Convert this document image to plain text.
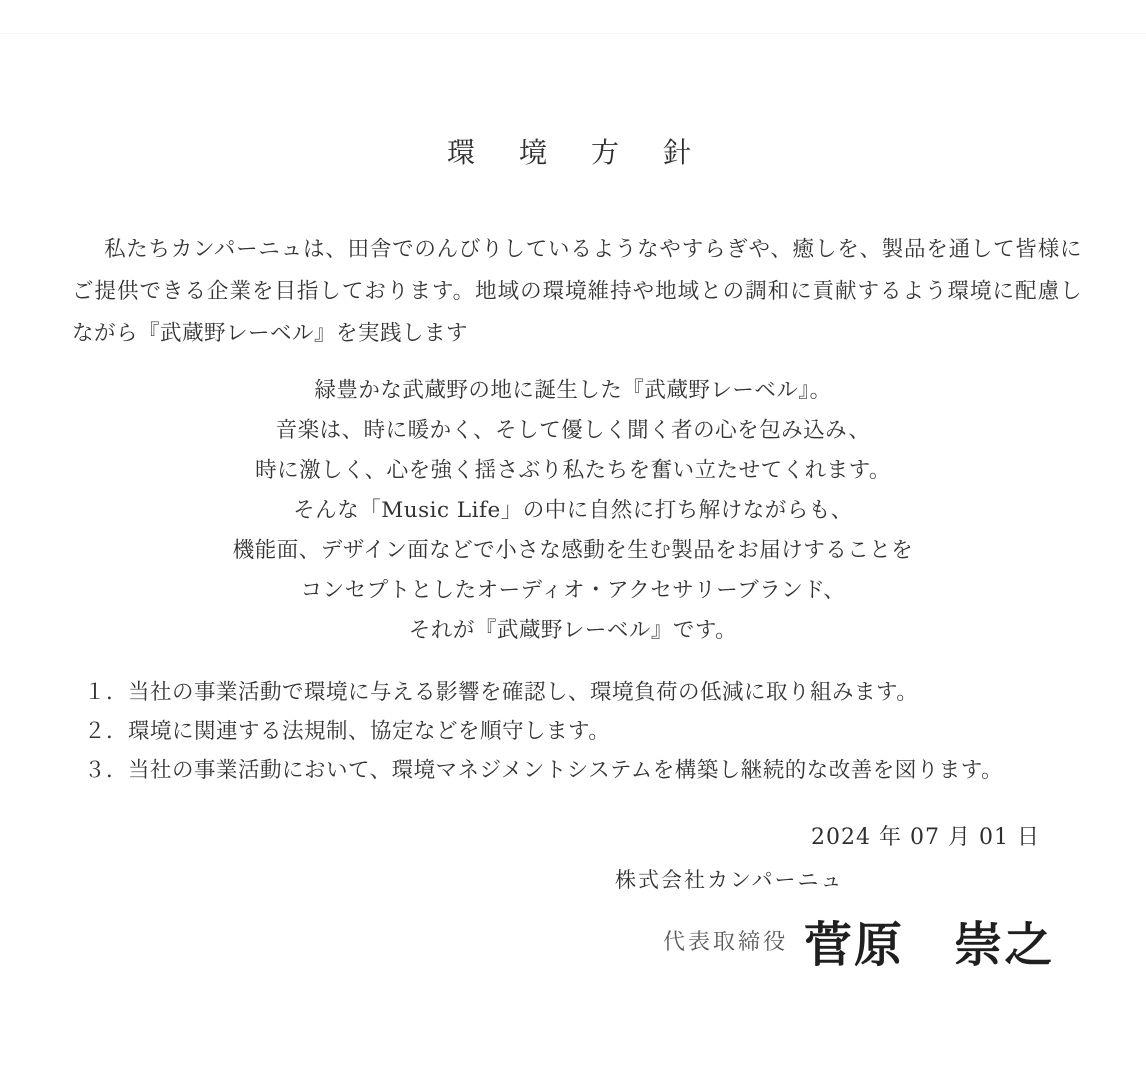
環　境　方　針

私たちカンパーニュは、田舎でのんびりしているようなやすらぎや、癒しを、製品を通して皆様にご提供できる企業を目指しております。地域の環境維持や地域との調和に貢献するよう環境に配慮しながら『武蔵野レーベル』を実践します

緑豊かな武蔵野の地に誕生した『武蔵野レーベル』。
音楽は、時に暖かく、そして優しく聞く者の心を包み込み、
時に激しく、心を強く揺さぶり私たちを奮い立たせてくれます。
そんな「Music Life」の中に自然に打ち解けながらも、
機能面、デザイン面などで小さな感動を生む製品をお届けすることを
コンセプトとしたオーディオ・アクセサリーブランド、
それが『武蔵野レーベル』です。
１．当社の事業活動で環境に与える影響を確認し、環境負荷の低減に取り組みます。
２．環境に関連する法規制、協定などを順守します。
３．当社の事業活動において、環境マネジメントシステムを構築し継続的な改善を図ります。
2024 年 07 月 01 日
株式会社カンパーニュ
代表取締役 菅原　崇之
